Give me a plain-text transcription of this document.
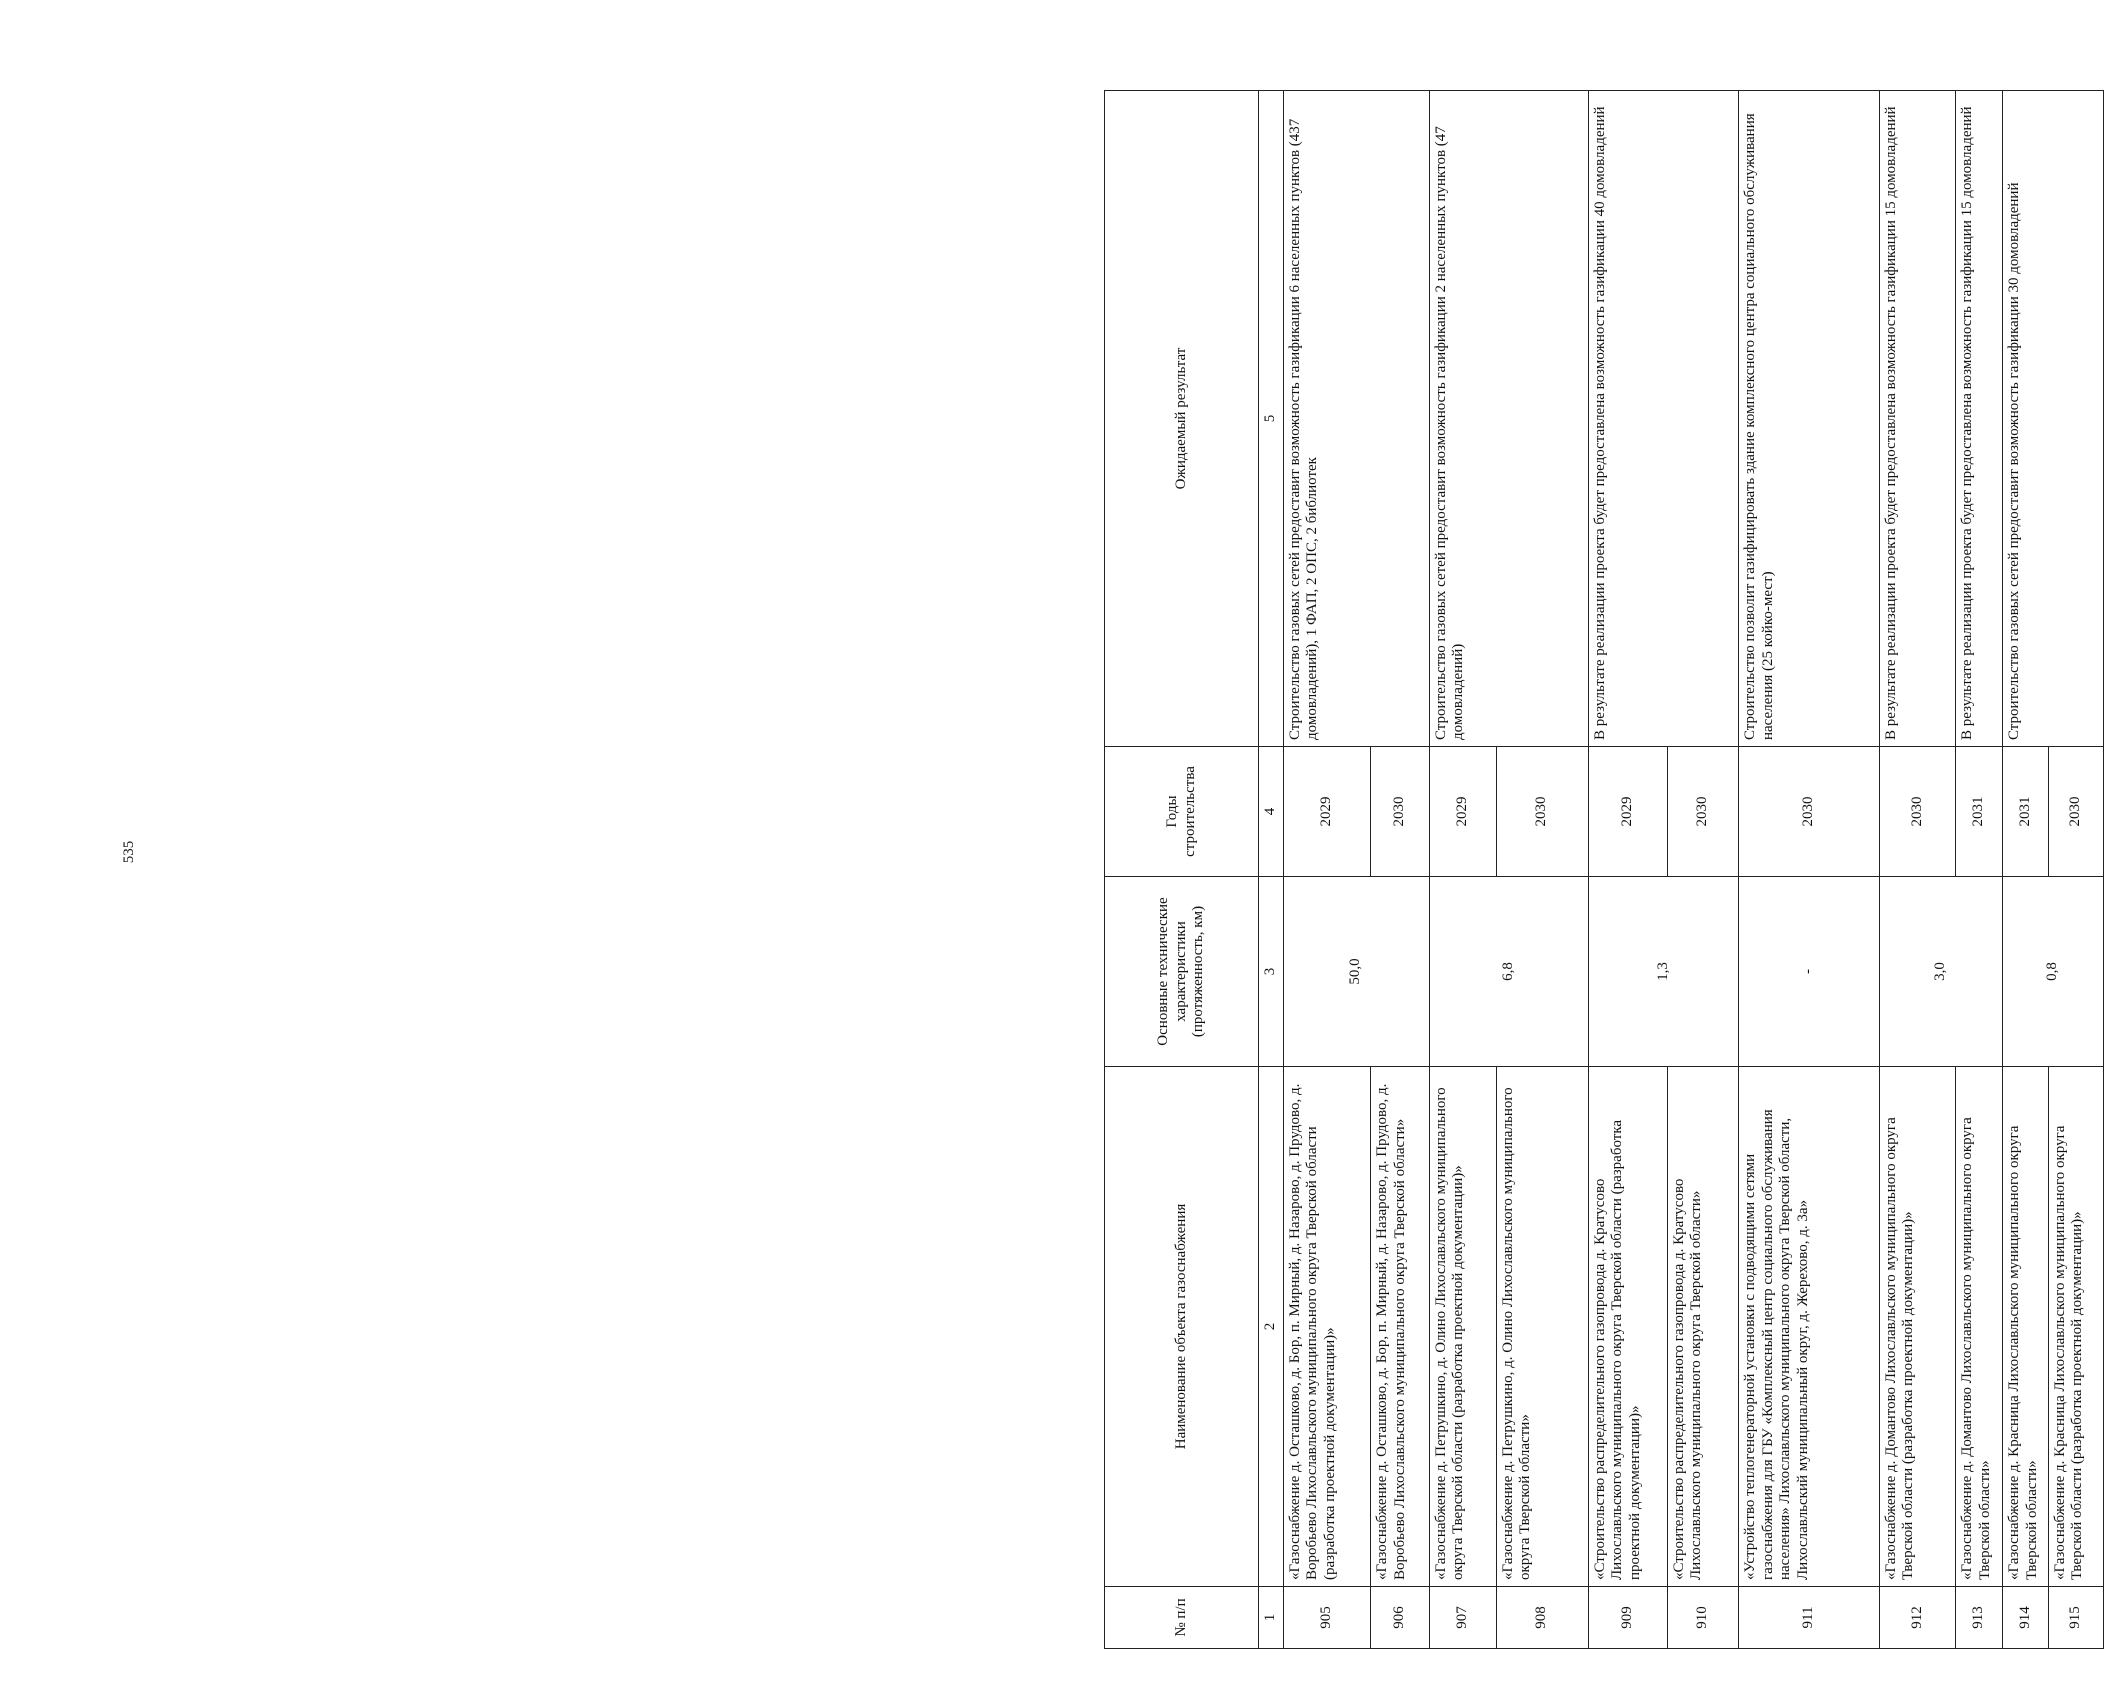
535
№ п/п	Наименование объекта газоснабжения	Основные технические характеристики (протяженность, км)	Годы строительства	Ожидаемый результат
1	2	3	4	5
905	«Газоснабжение д. Осташково, д. Бор, п. Мирный, д. Назарово, д. Прудово, д. Воробьево Лихославльского муниципального округа Тверской области (разработка проектной документации)»	50,0	2029	Строительство газовых сетей предоставит возможность газификации 6 населенных пунктов (437 домовладений), 1 ФАП, 2 ОПС, 2 библиотек
906	«Газоснабжение д. Осташково, д. Бор, п. Мирный, д. Назарово, д. Прудово, д. Воробьево Лихославльского муниципального округа Тверской области»		2030	
907	«Газоснабжение д. Петрушкино, д. Олино Лихославльского муниципального округа Тверской области (разработка проектной документации)»	6,8	2029	Строительство газовых сетей предоставит возможность газификации 2 населенных пунктов (47 домовладений)
908	«Газоснабжение д. Петрушкино, д. Олино Лихославльского муниципального округа Тверской области»		2030	
909	«Строительство распределительного газопровода д. Кратусово Лихославльского муниципального округа Тверской области (разработка проектной документации)»	1,3	2029	В результате реализации проекта будет предоставлена возможность газификации 40 домовладений
910	«Строительство распределительного газопровода д. Кратусово Лихославльского муниципального округа Тверской области»		2030	
911	«Устройство теплогенераторной установки с подводящими сетями газоснабжения для ГБУ «Комплексный центр социального обслуживания населения» Лихославльского муниципального округа Тверской области, Лихославльский муниципальный округ, д. Жерехово, д. 3а»	-	2030	Строительство позволит газифицировать здание комплексного центра социального обслуживания населения (25 койко-мест)
912	«Газоснабжение д. Домантово Лихославльского муниципального округа Тверской области (разработка проектной документации)»	3,0	2030	В результате реализации проекта будет предоставлена возможность газификации 15 домовладений
913	«Газоснабжение д. Домантово Лихославльского муниципального округа Тверской области»		2031	В результате реализации проекта будет предоставлена возможность газификации 15 домовладений
914	«Газоснабжение д. Красница Лихославльского муниципального округа Тверской области»	0,8	2031	Строительство газовых сетей предоставит возможность газификации 30 домовладений
915	«Газоснабжение д. Красница Лихославльского муниципального округа Тверской области (разработка проектной документации)»		2030	
